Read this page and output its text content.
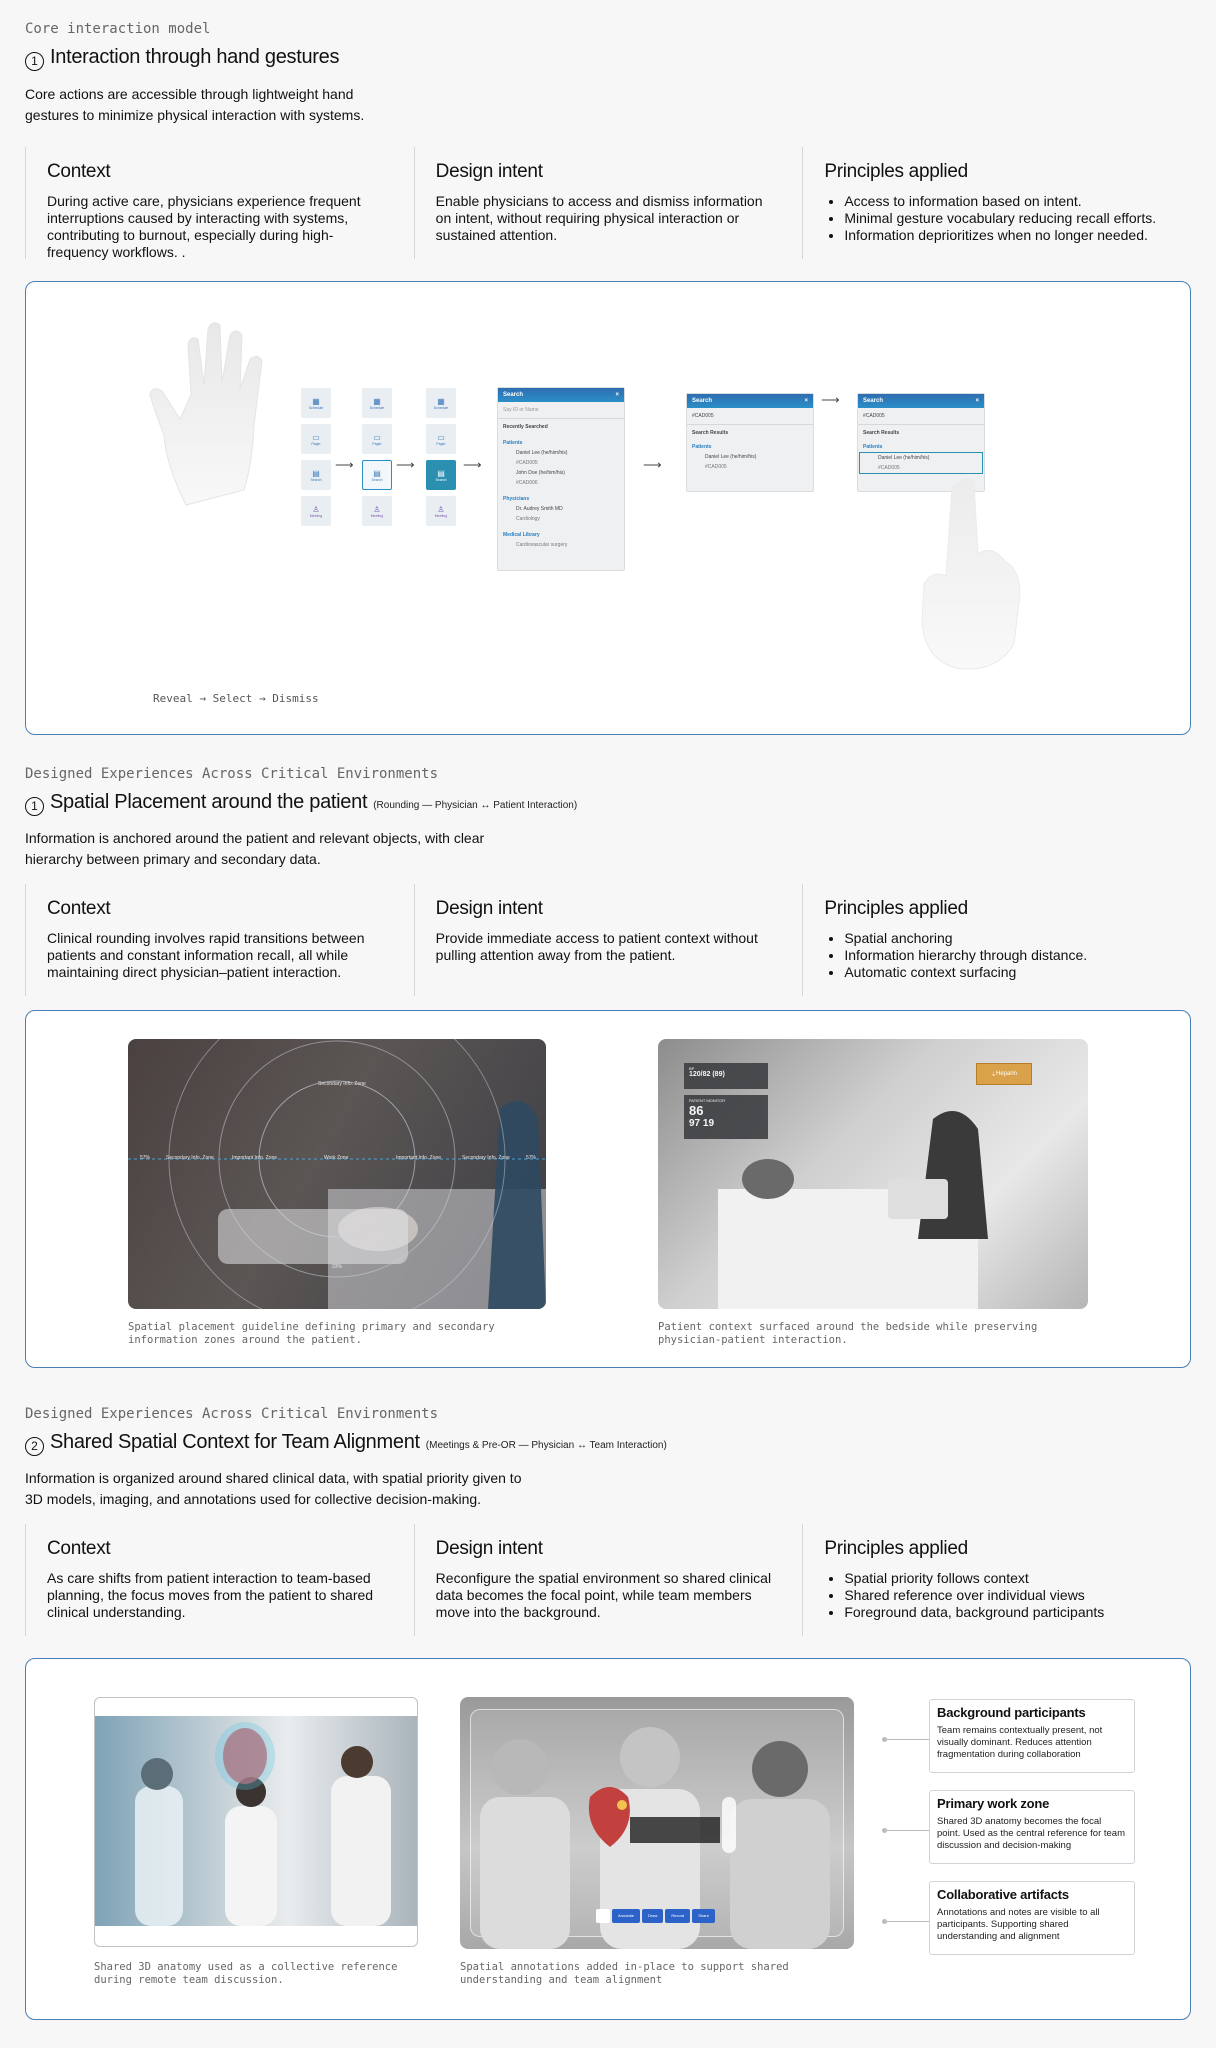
Core interaction model
1 Interaction through hand gestures
Core actions are accessible through lightweight hand gestures to minimize physical interaction with systems.
Context

During active care, physicians experience frequent interruptions caused by interacting with systems, contributing to burnout, especially during high-frequency workflows. .

Design intent

Enable physicians to access and dismiss information on intent, without requiring physical interaction or sustained attention.

Principles applied
• Access to information based on intent.
• Minimal gesture vocabulary reducing recall efforts.
• Information deprioritizes when no longer needed.
▦
Schedule
▭
Pager
▤
Search
♙
Meeting
⟶
▦
Schedule
▭
Pager
▤
Search
♙
Meeting
⟶
▦
Schedule
▭
Pager
▤
Search
♙
Meeting
⟶
Search	×
Say ID or Name
Recently Searched
Patients
Daniel Lee (he/him/his)
#CAD005
John Doe (he/him/his)
#CAD006
Physicians
Dr. Audrey Smith MD
Cardiology
Medical Library
Cardiovascular surgery
⟶
Search	×
#CAD005
Search Results
Patients
Daniel Lee (he/him/his)
#CAD005
⟶	Search	×
#CAD005
Search Results
Patients
Daniel Lee (he/him/his)
#CAD005
Reveal → Select → Dismiss
Designed Experiences Across Critical Environments
1 Spatial Placement around the patient (Rounding — Physician ↔ Patient Interaction)
Information is anchored around the patient and relevant objects, with clear hierarchy between primary and secondary data.
Context

Clinical rounding involves rapid transitions between patients and constant information recall, all while maintaining direct physician–patient interaction.

Design intent

Provide immediate access to patient context without pulling attention away from the patient.

Principles applied
• Spatial anchoring
• Information hierarchy through distance.
• Automatic context surfacing
Secondary Info. Zone
57%	Secondary Info. Zone	Important Info. Zone	Work Zone	Important Info. Zone	Secondary Info. Zone	57%
33%
Spatial placement guideline defining primary and secondary information zones around the patient.
BP
120/82 (89)
PATIENT MONITOR
86
97 19
⇣ Heparin
Patient context surfaced around the bedside while preserving physician-patient interaction.
Designed Experiences Across Critical Environments
2 Shared Spatial Context for Team Alignment (Meetings & Pre-OR — Physician ↔ Team Interaction)
Information is organized around shared clinical data, with spatial priority given to 3D models, imaging, and annotations used for collective decision-making.
Context

As care shifts from patient interaction to team-based planning, the focus moves from the patient to shared clinical understanding.

Design intent

Reconfigure the spatial environment so shared clinical data becomes the focal point, while team members move into the background.

Principles applied
• Spatial priority follows context
• Shared reference over individual views
• Foreground data, background participants
Shared 3D anatomy used as a collective reference during remote team discussion.
Annotate	Draw	Record	Share
Spatial annotations added in-place to support shared understanding and team alignment
Background participants

Team remains contextually present, not visually dominant. Reduces attention fragmentation during collaboration

Primary work zone

Shared 3D anatomy becomes the focal point. Used as the central reference for team discussion and decision-making

Collaborative artifacts

Annotations and notes are visible to all participants. Supporting shared understanding and alignment
